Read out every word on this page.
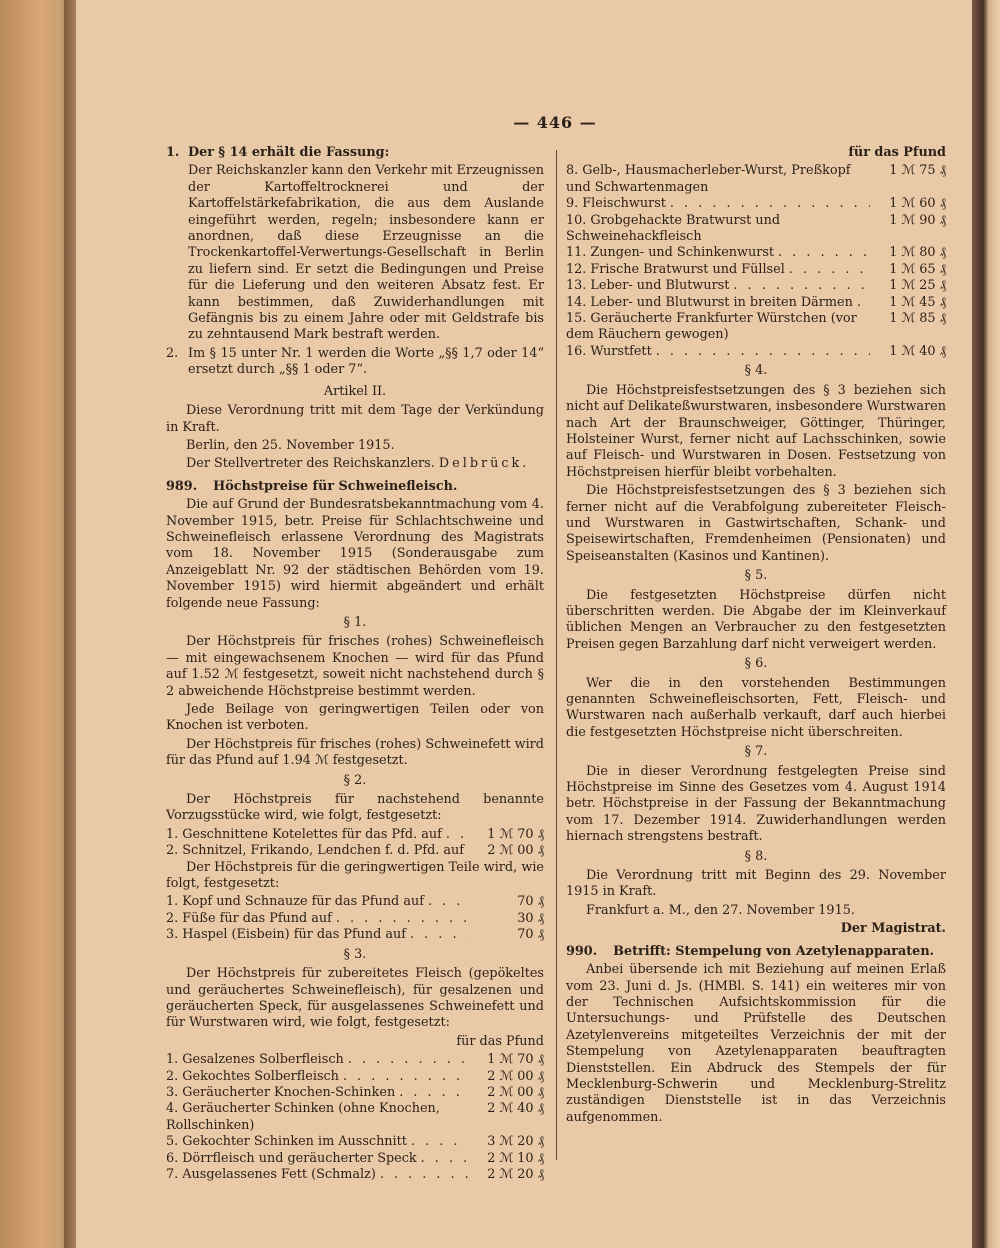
— 446 —
1. Der § 14 erhält die Fassung:

Der Reichskanzler kann den Verkehr mit Erzeugnissen der Kartoffeltrocknerei und der Kartoffelstärkefabrikation, die aus dem Auslande eingeführt werden, regeln; insbesondere kann er anordnen, daß diese Erzeugnisse an die Trockenkartoffel-Verwertungs-Gesellschaft in Berlin zu liefern sind. Er setzt die Bedingungen und Preise für die Lieferung und den weiteren Absatz fest. Er kann bestimmen, daß Zuwiderhandlungen mit Gefängnis bis zu einem Jahre oder mit Geldstrafe bis zu zehntausend Mark bestraft werden.

2. Im § 15 unter Nr. 1 werden die Worte „§§ 1,7 oder 14“ ersetzt durch „§§ 1 oder 7“.

Artikel II.

Diese Verordnung tritt mit dem Tage der Verkündung in Kraft.

Berlin, den 25. November 1915.

Der Stellvertreter des Reichskanzlers. Delbrück.

989. Höchstpreise für Schweinefleisch.

Die auf Grund der Bundesratsbekanntmachung vom 4. November 1915, betr. Preise für Schlachtschweine und Schweinefleisch erlassene Verordnung des Magistrats vom 18. November 1915 (Sonderausgabe zum Anzeigeblatt Nr. 92 der städtischen Behörden vom 19. November 1915) wird hiermit abgeändert und erhält folgende neue Fassung:

§ 1.

Der Höchstpreis für frisches (rohes) Schweinefleisch — mit eingewachsenem Knochen — wird für das Pfund auf 1.52 ℳ festgesetzt, soweit nicht nachstehend durch § 2 abweichende Höchstpreise bestimmt werden.

Jede Beilage von geringwertigen Teilen oder von Knochen ist verboten.

Der Höchstpreis für frisches (rohes) Schweinefett wird für das Pfund auf 1.94 ℳ festgesetzt.

§ 2.

Der Höchstpreis für nachstehend benannte Vorzugsstücke wird, wie folgt, festgesetzt:

1. Geschnittene Kotelettes für das Pfd. auf . . .	1 ℳ 70 ₰
2. Schnitzel, Frikando, Lendchen f. d. Pfd. auf . . .	2 ℳ 00 ₰

Der Höchstpreis für die geringwertigen Teile wird, wie folgt, festgesetzt:

1. Kopf und Schnauze für das Pfund auf . . .	70 ₰
2. Füße für das Pfund auf . . .	30 ₰
3. Haspel (Eisbein) für das Pfund auf . . .	70 ₰

§ 3.

Der Höchstpreis für zubereitetes Fleisch (gepökeltes und geräuchertes Schweinefleisch), für gesalzenen und geräucherten Speck, für ausgelassenes Schweinefett und für Wurstwaren wird, wie folgt, festgesetzt:

für das Pfund

1. Gesalzenes Solberfleisch . . .	1 ℳ 70 ₰
2. Gekochtes Solberfleisch . . .	2 ℳ 00 ₰
3. Geräucherter Knochen-Schinken . . .	2 ℳ 00 ₰
4. Geräucherter Schinken (ohne Knochen, Rollschinken)
2 ℳ 40 ₰
5. Gekochter Schinken im Ausschnitt . . .	3 ℳ 20 ₰
6. Dörrfleisch und geräucherter Speck . . .	2 ℳ 10 ₰
7. Ausgelassenes Fett (Schmalz) . . .	2 ℳ 20 ₰

für das Pfund

8. Gelb-, Hausmacherleber-Wurst, Preßkopf und Schwartenmagen
1 ℳ 75 ₰
9. Fleischwurst . . .	1 ℳ 60 ₰
10. Grobgehackte Bratwurst und Schweinehackfleisch
1 ℳ 90 ₰
11. Zungen- und Schinkenwurst . . .	1 ℳ 80 ₰
12. Frische Bratwurst und Füllsel . . .	1 ℳ 65 ₰
13. Leber- und Blutwurst . . .	1 ℳ 25 ₰
14. Leber- und Blutwurst in breiten Därmen . . .	1 ℳ 45 ₰
15. Geräucherte Frankfurter Würstchen (vor dem Räuchern gewogen)
1 ℳ 85 ₰
16. Wurstfett . . .	1 ℳ 40 ₰

§ 4.

Die Höchstpreisfestsetzungen des § 3 beziehen sich nicht auf Delikateßwurstwaren, insbesondere Wurstwaren nach Art der Braunschweiger, Göttinger, Thüringer, Holsteiner Wurst, ferner nicht auf Lachsschinken, sowie auf Fleisch- und Wurstwaren in Dosen. Festsetzung von Höchstpreisen hierfür bleibt vorbehalten.

Die Höchstpreisfestsetzungen des § 3 beziehen sich ferner nicht auf die Verabfolgung zubereiteter Fleisch- und Wurstwaren in Gastwirtschaften, Schank- und Speisewirtschaften, Fremdenheimen (Pensionaten) und Speiseanstalten (Kasinos und Kantinen).

§ 5.

Die festgesetzten Höchstpreise dürfen nicht überschritten werden. Die Abgabe der im Kleinverkauf üblichen Mengen an Verbraucher zu den festgesetzten Preisen gegen Barzahlung darf nicht verweigert werden.

§ 6.

Wer die in den vorstehenden Bestimmungen genannten Schweinefleischsorten, Fett, Fleisch- und Wurstwaren nach außerhalb verkauft, darf auch hierbei die festgesetzten Höchstpreise nicht überschreiten.

§ 7.

Die in dieser Verordnung festgelegten Preise sind Höchstpreise im Sinne des Gesetzes vom 4. August 1914 betr. Höchstpreise in der Fassung der Bekanntmachung vom 17. Dezember 1914. Zuwiderhandlungen werden hiernach strengstens bestraft.

§ 8.

Die Verordnung tritt mit Beginn des 29. November 1915 in Kraft.

Frankfurt a. M., den 27. November 1915.

Der Magistrat.

990. Betrifft: Stempelung von Azetylenapparaten.

Anbei übersende ich mit Beziehung auf meinen Erlaß vom 23. Juni d. Js. (HMBl. S. 141) ein weiteres mir von der Technischen Aufsichtskommission für die Untersuchungs- und Prüfstelle des Deutschen Azetylenvereins mitgeteiltes Verzeichnis der mit der Stempelung von Azetylenapparaten beauftragten Dienststellen. Ein Abdruck des Stempels der für Mecklenburg-Schwerin und Mecklenburg-Strelitz zuständigen Dienststelle ist in das Verzeichnis aufgenommen.
